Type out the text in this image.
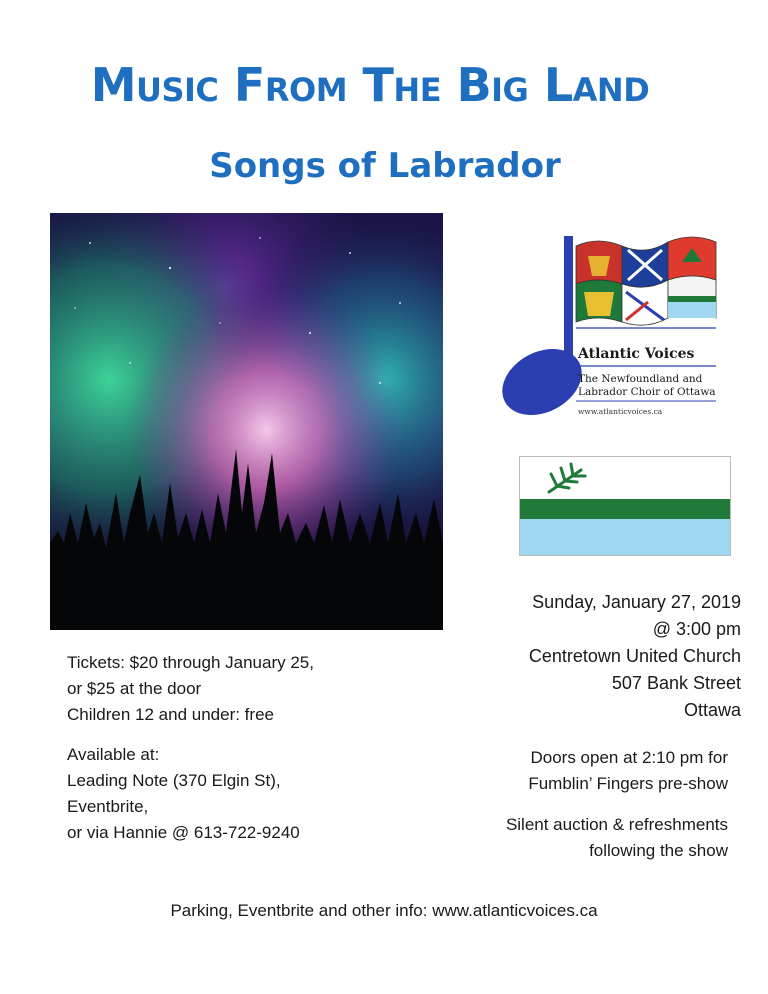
Music From The Big Land
Songs of Labrador
Atlantic Voices
The Newfoundland and
Labrador Choir of Ottawa
www.atlanticvoices.ca
Sunday, January 27, 2019
@ 3:00 pm
Centretown United Church
507 Bank Street
Ottawa
Tickets: $20 through January 25,
or $25 at the door
Children 12 and under: free
Available at:
Leading Note (370 Elgin St),
Eventbrite,
or via Hannie @ 613-722-9240
Doors open at 2:10 pm for
Fumblin’ Fingers pre-show
Silent auction & refreshments
following the show
Parking, Eventbrite and other info: www.atlanticvoices.ca
